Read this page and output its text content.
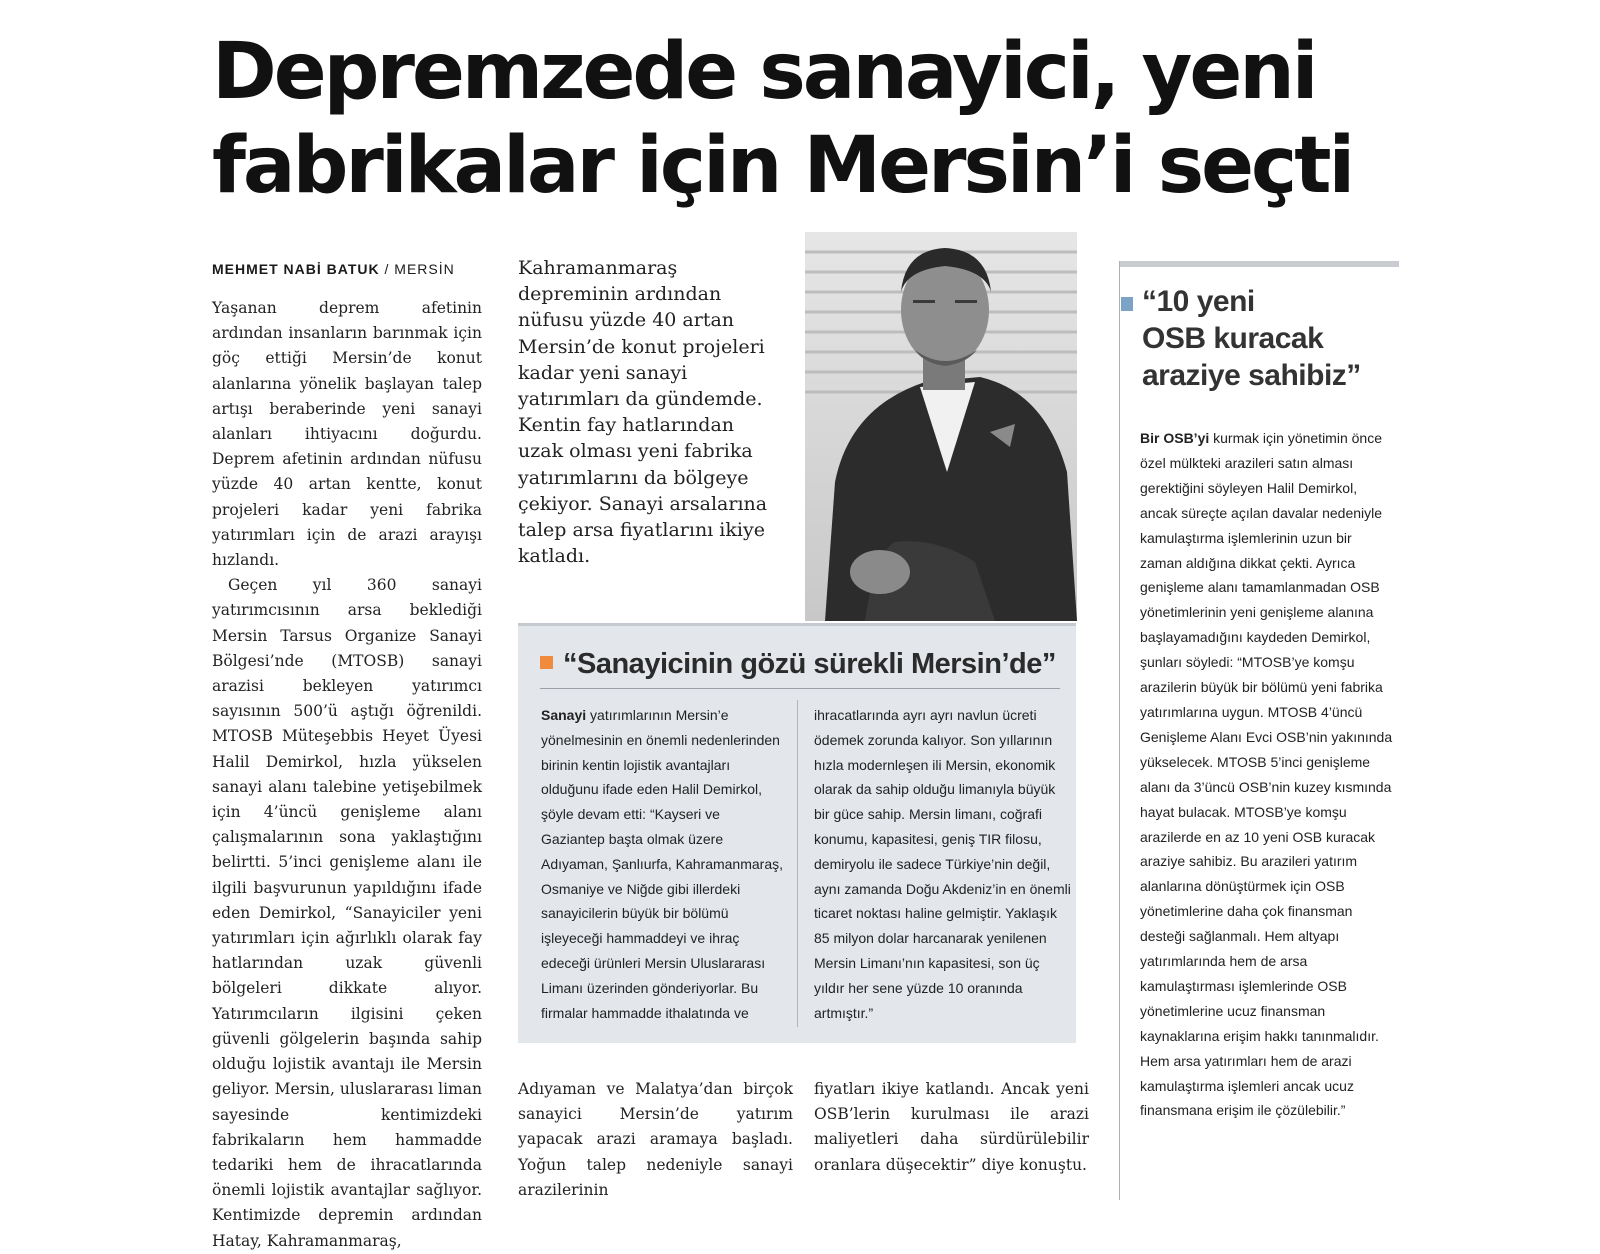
Depremzede sanayici, yeni
fabrikalar için Mersin’i seçti
MEHMET NABİ BATUK / MERSİN

Yaşanan deprem afetinin ardından insanların barınmak için göç ettiği Mersin’de konut alanlarına yönelik başlayan talep artışı beraberinde yeni sanayi alanları ihtiyacını doğurdu. Deprem afetinin ardından nüfusu yüzde 40 artan kentte, konut projeleri kadar yeni fabrika yatırımları için de arazi arayışı hızlandı.

Geçen yıl 360 sanayi yatırımcısının arsa beklediği Mersin Tarsus Organize Sanayi Bölgesi’nde (MTOSB) sanayi arazisi bekleyen yatırımcı sayısının 500’ü aştığı öğrenildi. MTOSB Müteşebbis Heyet Üyesi Halil Demirkol, hızla yükselen sanayi alanı talebine yetişebilmek için 4’üncü genişleme alanı çalışmalarının sona yaklaştığını belirtti. 5’inci genişleme alanı ile ilgili başvurunun yapıldığını ifade eden Demirkol, “Sanayiciler yeni yatırımları için ağırlıklı olarak fay hatlarından uzak güvenli bölgeleri dikkate alıyor. Yatırımcıların ilgisini çeken güvenli gölgelerin başında sahip olduğu lojistik avantajı ile Mersin geliyor. Mersin, uluslararası liman sayesinde kentimizdeki fabrikaların hem hammadde tedariki hem de ihracatlarında önemli lojistik avantajlar sağlıyor. Kentimizde depremin ardından Hatay, Kahramanmaraş,

Kahramanmaraş depreminin ardından nüfusu yüzde 40 artan Mersin’de konut projeleri kadar yeni sanayi yatırımları da gündemde. Kentin fay hatlarından uzak olması yeni fabrika yatırımlarını da bölgeye çekiyor. Sanayi arsalarına talep arsa fiyatlarını ikiye katladı.
“Sanayicinin gözü sürekli Mersin’de”

Sanayi yatırımlarının Mersin’e yönelmesinin en önemli nedenlerinden birinin kentin lojistik avantajları olduğunu ifade eden Halil Demirkol, şöyle devam etti: “Kayseri ve Gaziantep başta olmak üzere Adıyaman, Şanlıurfa, Kahramanmaraş, Osmaniye ve Niğde gibi illerdeki sanayicilerin büyük bir bölümü işleyeceği hammaddeyi ve ihraç edeceği ürünleri Mersin Uluslararası Limanı üzerinden gönderiyorlar. Bu firmalar hammadde ithalatında ve

ihracatlarında ayrı ayrı navlun ücreti ödemek zorunda kalıyor. Son yıllarının hızla modernleşen ili Mersin, ekonomik olarak da sahip olduğu limanıyla büyük bir güce sahip. Mersin limanı, coğrafi konumu, kapasitesi, geniş TIR filosu, demiryolu ile sadece Türkiye’nin değil, aynı zamanda Doğu Akdeniz’in en önemli ticaret noktası haline gelmiştir. Yaklaşık 85 milyon dolar harcanarak yenilenen Mersin Limanı’nın kapasitesi, son üç yıldır her sene yüzde 10 oranında artmıştır.”

Adıyaman ve Malatya’dan birçok sanayici Mersin’de yatırım yapacak arazi aramaya başladı. Yoğun talep nedeniyle sanayi arazilerinin

fiyatları ikiye katlandı. Ancak yeni OSB’lerin kurulması ile arazi maliyetleri daha sürdürülebilir oranlara düşecektir” diye konuştu.

“10 yeni
OSB kuracak
araziye sahibiz”

Bir OSB’yi kurmak için yönetimin önce özel mülkteki arazileri satın alması gerektiğini söyleyen Halil Demirkol, ancak süreçte açılan davalar nedeniyle kamulaştırma işlemlerinin uzun bir zaman aldığına dikkat çekti. Ayrıca genişleme alanı tamamlanmadan OSB yönetimlerinin yeni genişleme alanına başlayamadığını kaydeden Demirkol, şunları söyledi: “MTOSB’ye komşu arazilerin büyük bir bölümü yeni fabrika yatırımlarına uygun. MTOSB 4’üncü Genişleme Alanı Evci OSB’nin yakınında yükselecek. MTOSB 5’inci genişleme alanı da 3’üncü OSB’nin kuzey kısmında hayat bulacak. MTOSB’ye komşu arazilerde en az 10 yeni OSB kuracak araziye sahibiz. Bu arazileri yatırım alanlarına dönüştürmek için OSB yönetimlerine daha çok finansman desteği sağlanmalı. Hem altyapı yatırımlarında hem de arsa kamulaştırması işlemlerinde OSB yönetimlerine ucuz finansman kaynaklarına erişim hakkı tanınmalıdır. Hem arsa yatırımları hem de arazi kamulaştırma işlemleri ancak ucuz finansmana erişim ile çözülebilir.”
